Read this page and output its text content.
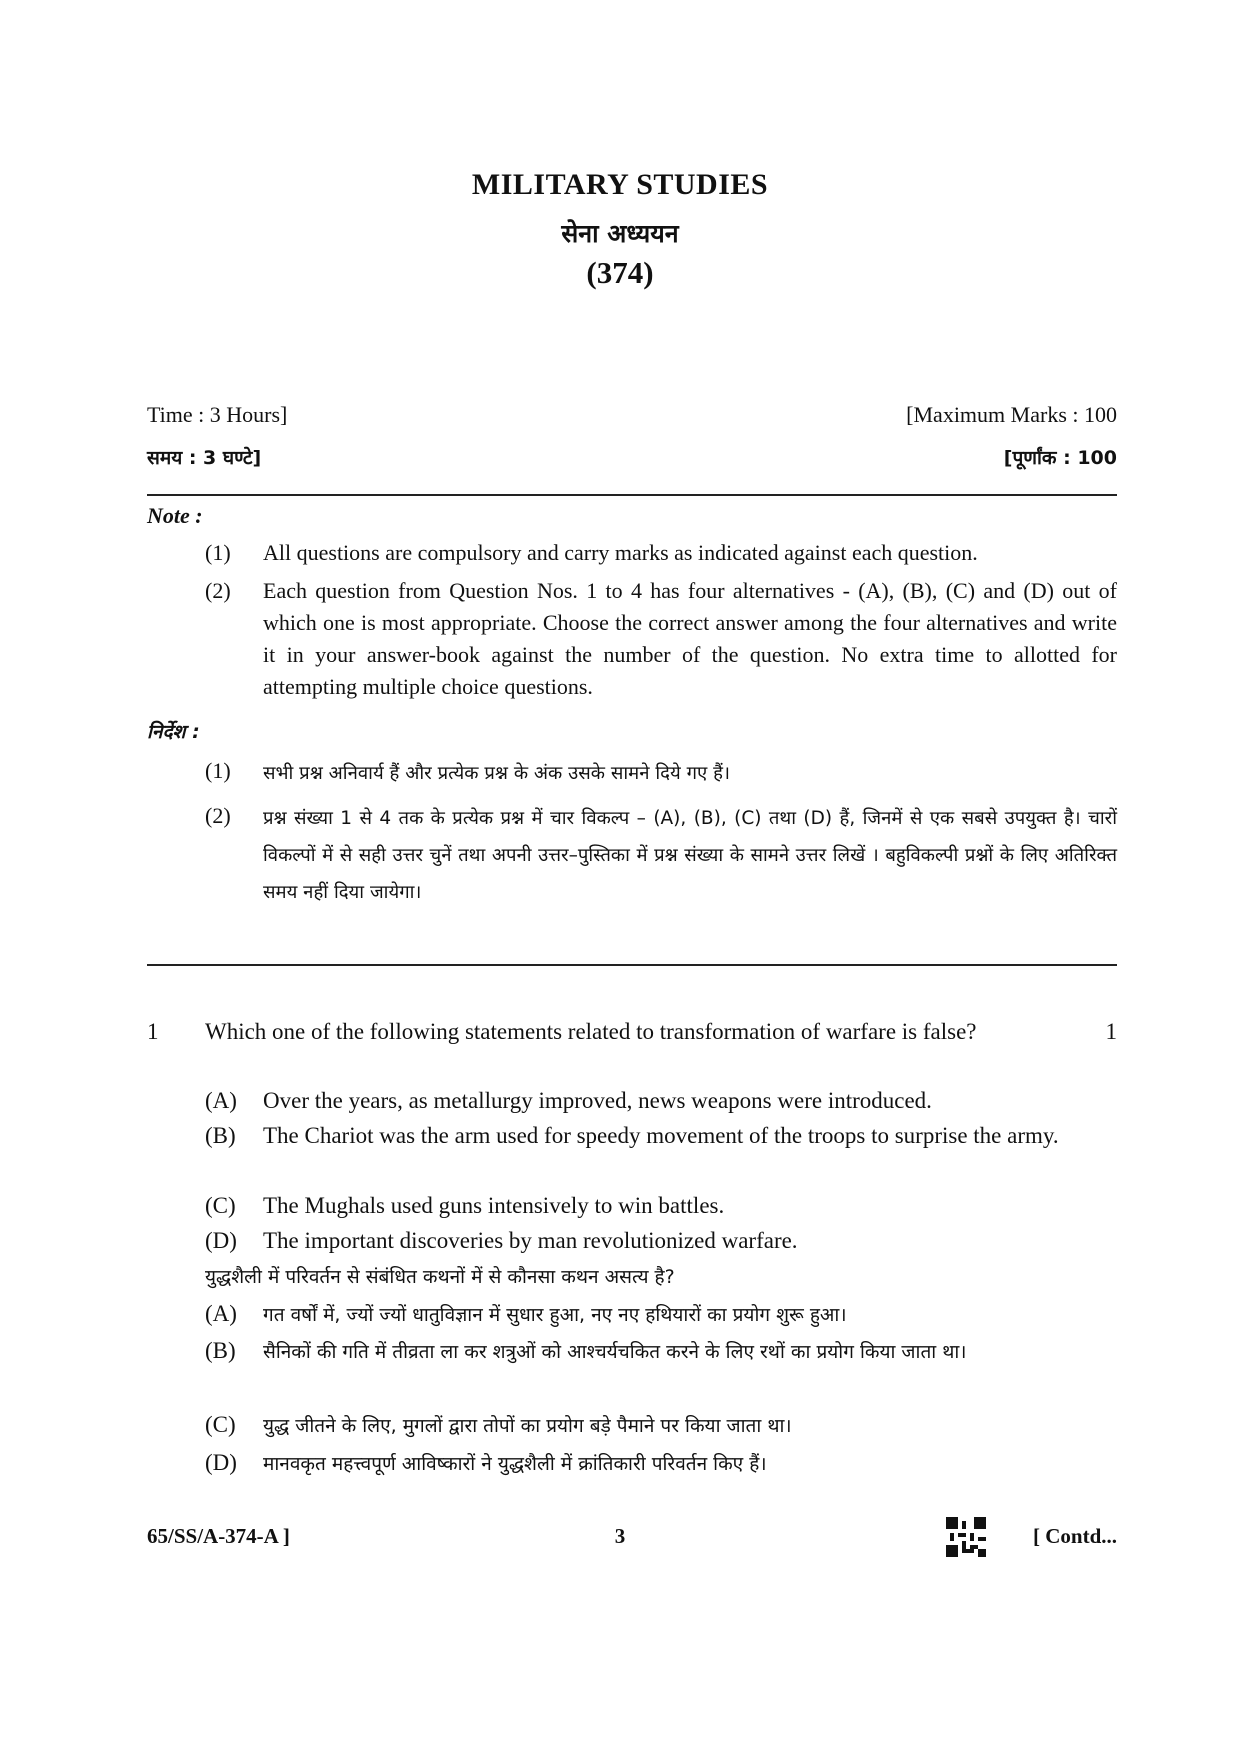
MILITARY STUDIES
सेना अध्ययन
(374)
Time : 3 Hours]	[Maximum Marks : 100
समय : 3 घण्टे]	[पूर्णांक : 100
Note :
(1) All questions are compulsory and carry marks as indicated against each question.
(2) Each question from Question Nos. 1 to 4 has four alternatives - (A), (B), (C) and (D) out of which one is most appropriate. Choose the correct answer among the four alternatives and write it in your answer-book against the number of the question. No extra time to allotted for attempting multiple choice questions.
निर्देश :
(1) सभी प्रश्न अनिवार्य हैं और प्रत्येक प्रश्न के अंक उसके सामने दिये गए हैं।
(2) प्रश्न संख्या 1 से 4 तक के प्रत्येक प्रश्न में चार विकल्प – (A), (B), (C) तथा (D) हैं, जिनमें से एक सबसे उपयुक्त है। चारों विकल्पों में से सही उत्तर चुनें तथा अपनी उत्तर–पुस्तिका में प्रश्न संख्या के सामने उत्तर लिखें । बहुविकल्पी प्रश्नों के लिए अतिरिक्त समय नहीं दिया जायेगा।
1 Which one of the following statements related to transformation of warfare is false?	1
(A) Over the years, as metallurgy improved, news weapons were introduced.
(B) The Chariot was the arm used for speedy movement of the troops to surprise the army.
(C) The Mughals used guns intensively to win battles.
(D) The important discoveries by man revolutionized warfare.
युद्धशैली में परिवर्तन से संबंधित कथनों में से कौनसा कथन असत्य है?
(A) गत वर्षों में, ज्यों ज्यों धातुविज्ञान में सुधार हुआ, नए नए हथियारों का प्रयोग शुरू हुआ।
(B) सैनिकों की गति में तीव्रता ला कर शत्रुओं को आश्चर्यचकित करने के लिए रथों का प्रयोग किया जाता था।
(C) युद्ध जीतने के लिए, मुगलों द्वारा तोपों का प्रयोग बड़े पैमाने पर किया जाता था।
(D) मानवकृत महत्त्वपूर्ण आविष्कारों ने युद्धशैली में क्रांतिकारी परिवर्तन किए हैं।
65/SS/A-374-A ]	3	[ Contd...
